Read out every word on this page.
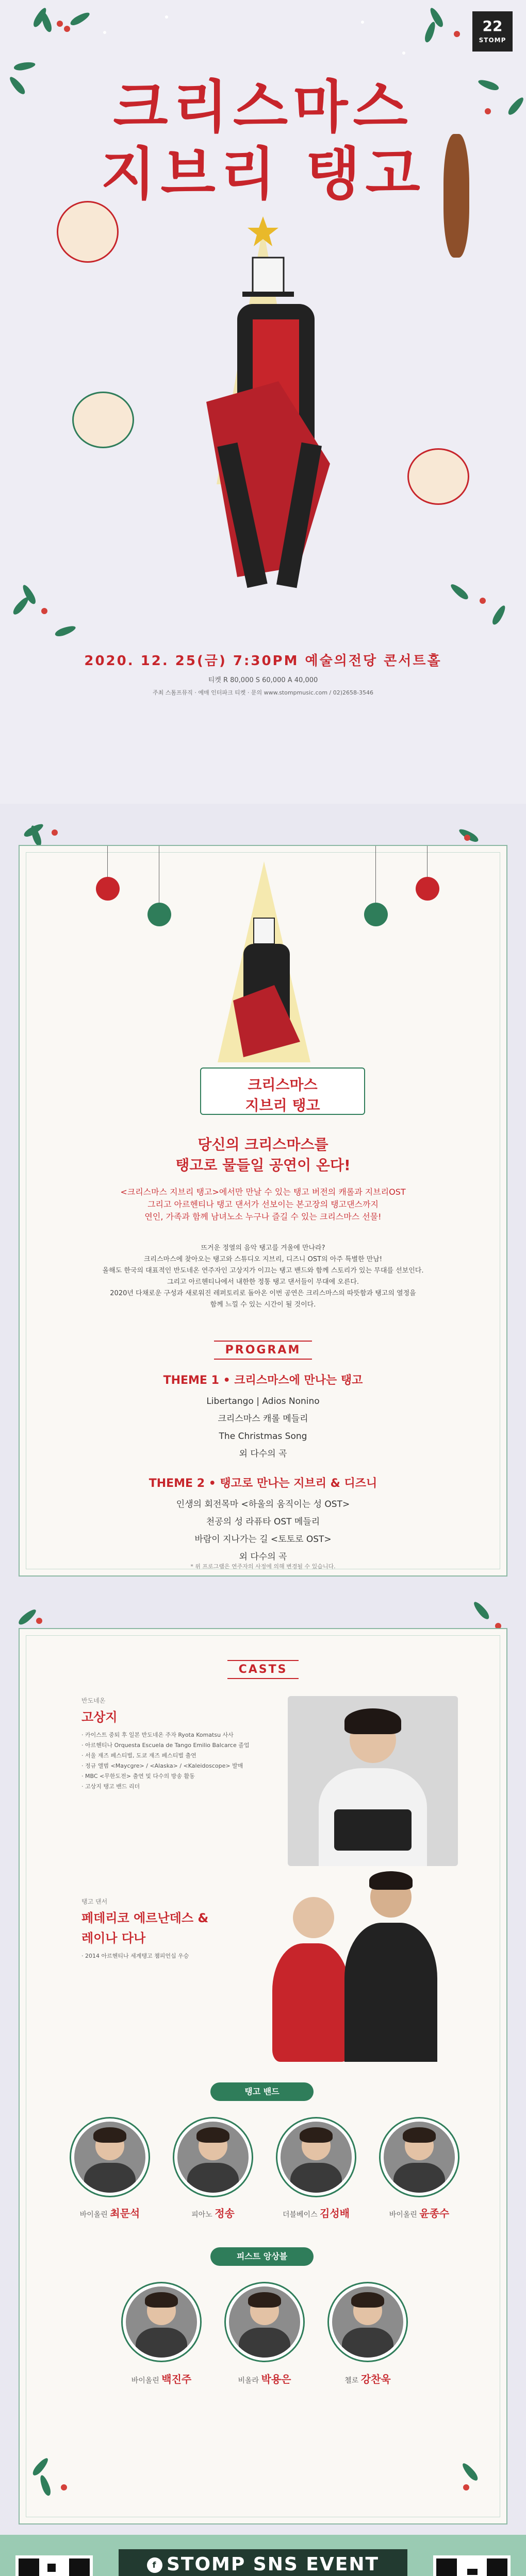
22
STOMP
크리스마스
지브리 탱고
2020. 12. 25(금) 7:30PM 예술의전당 콘서트홀
티켓 R 80,000 S 60,000 A 40,000
주최 스톰프뮤직 · 예매 인터파크 티켓 · 문의 www.stompmusic.com / 02)2658-3546
크리스마스
지브리 탱고
당신의 크리스마스를
탱고로 물들일 공연이 온다!
<크리스마스 지브리 탱고>에서만 만날 수 있는 탱고 버전의 캐롤과 지브리OST
그리고 아르헨티나 탱고 댄서가 선보이는 본고장의 탱고댄스까지
연인, 가족과 함께 남녀노소 누구나 즐길 수 있는 크리스마스 선물!
뜨거운 정열의 음악 탱고를 겨울에 만나라?
크리스마스에 찾아오는 탱고와 스튜디오 지브리, 디즈니 OST의 아주 특별한 만남!
올해도 한국의 대표적인 반도네온 연주자인 고상지가 이끄는 탱고 밴드와 함께 스토리가 있는 무대를 선보인다.
그리고 아르헨티나에서 내한한 정통 탱고 댄서들이 무대에 오른다.
2020년 다채로운 구성과 새로워진 레퍼토리로 돌아온 이번 공연은 크리스마스의 따뜻함과 탱고의 열정을
함께 느낄 수 있는 시간이 될 것이다.
PROGRAM
THEME 1 • 크리스마스에 만나는 탱고
Libertango | Adios Nonino
크리스마스 캐롤 메들리
The Christmas Song
외 다수의 곡
THEME 2 • 탱고로 만나는 지브리 & 디즈니
인생의 회전목마 <하울의 움직이는 성 OST>
천공의 성 라퓨타 OST 메들리
바람이 지나가는 길 <토토로 OST>
외 다수의 곡
* 위 프로그램은 연주자의 사정에 의해 변경될 수 있습니다.
CASTS
반도네온
고상지
· 카이스트 중퇴 후 일본 반도네온 주자 Ryota Komatsu 사사
· 아르헨티나 Orquesta Escuela de Tango Emilio Balcarce 졸업
· 서울 재즈 페스티벌, 도쿄 재즈 페스티벌 출연
· 정규 앨범 <Maycgre> / <Alaska> / <Kaleidoscope> 발매
· MBC <무한도전> 출연 및 다수의 방송 활동
· 고상지 탱고 밴드 리더
탱고 댄서
페데리코 에르난데스 &
레이나 다나
· 2014 아르헨티나 세계탱고 챔피언십 우승
탱고 밴드
바이올린 최문석	피아노 정송	더블베이스 김성배	바이올린 윤종수
피스트 앙상블
바이올린 백진주	비올라 박용은	첼로 강찬욱
f STOMP SNS EVENT
